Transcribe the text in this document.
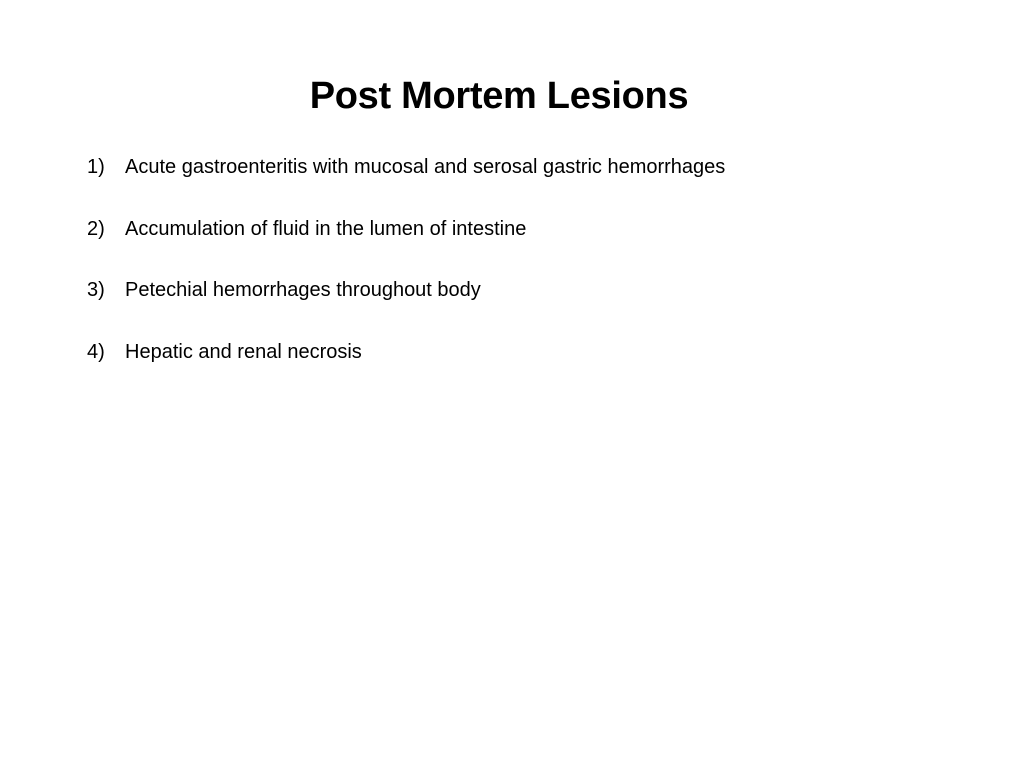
Post Mortem Lesions
1)	Acute gastroenteritis with mucosal and serosal gastric hemorrhages
2)	Accumulation of fluid in the lumen of intestine
3)	Petechial hemorrhages throughout body
4)	Hepatic and renal necrosis
